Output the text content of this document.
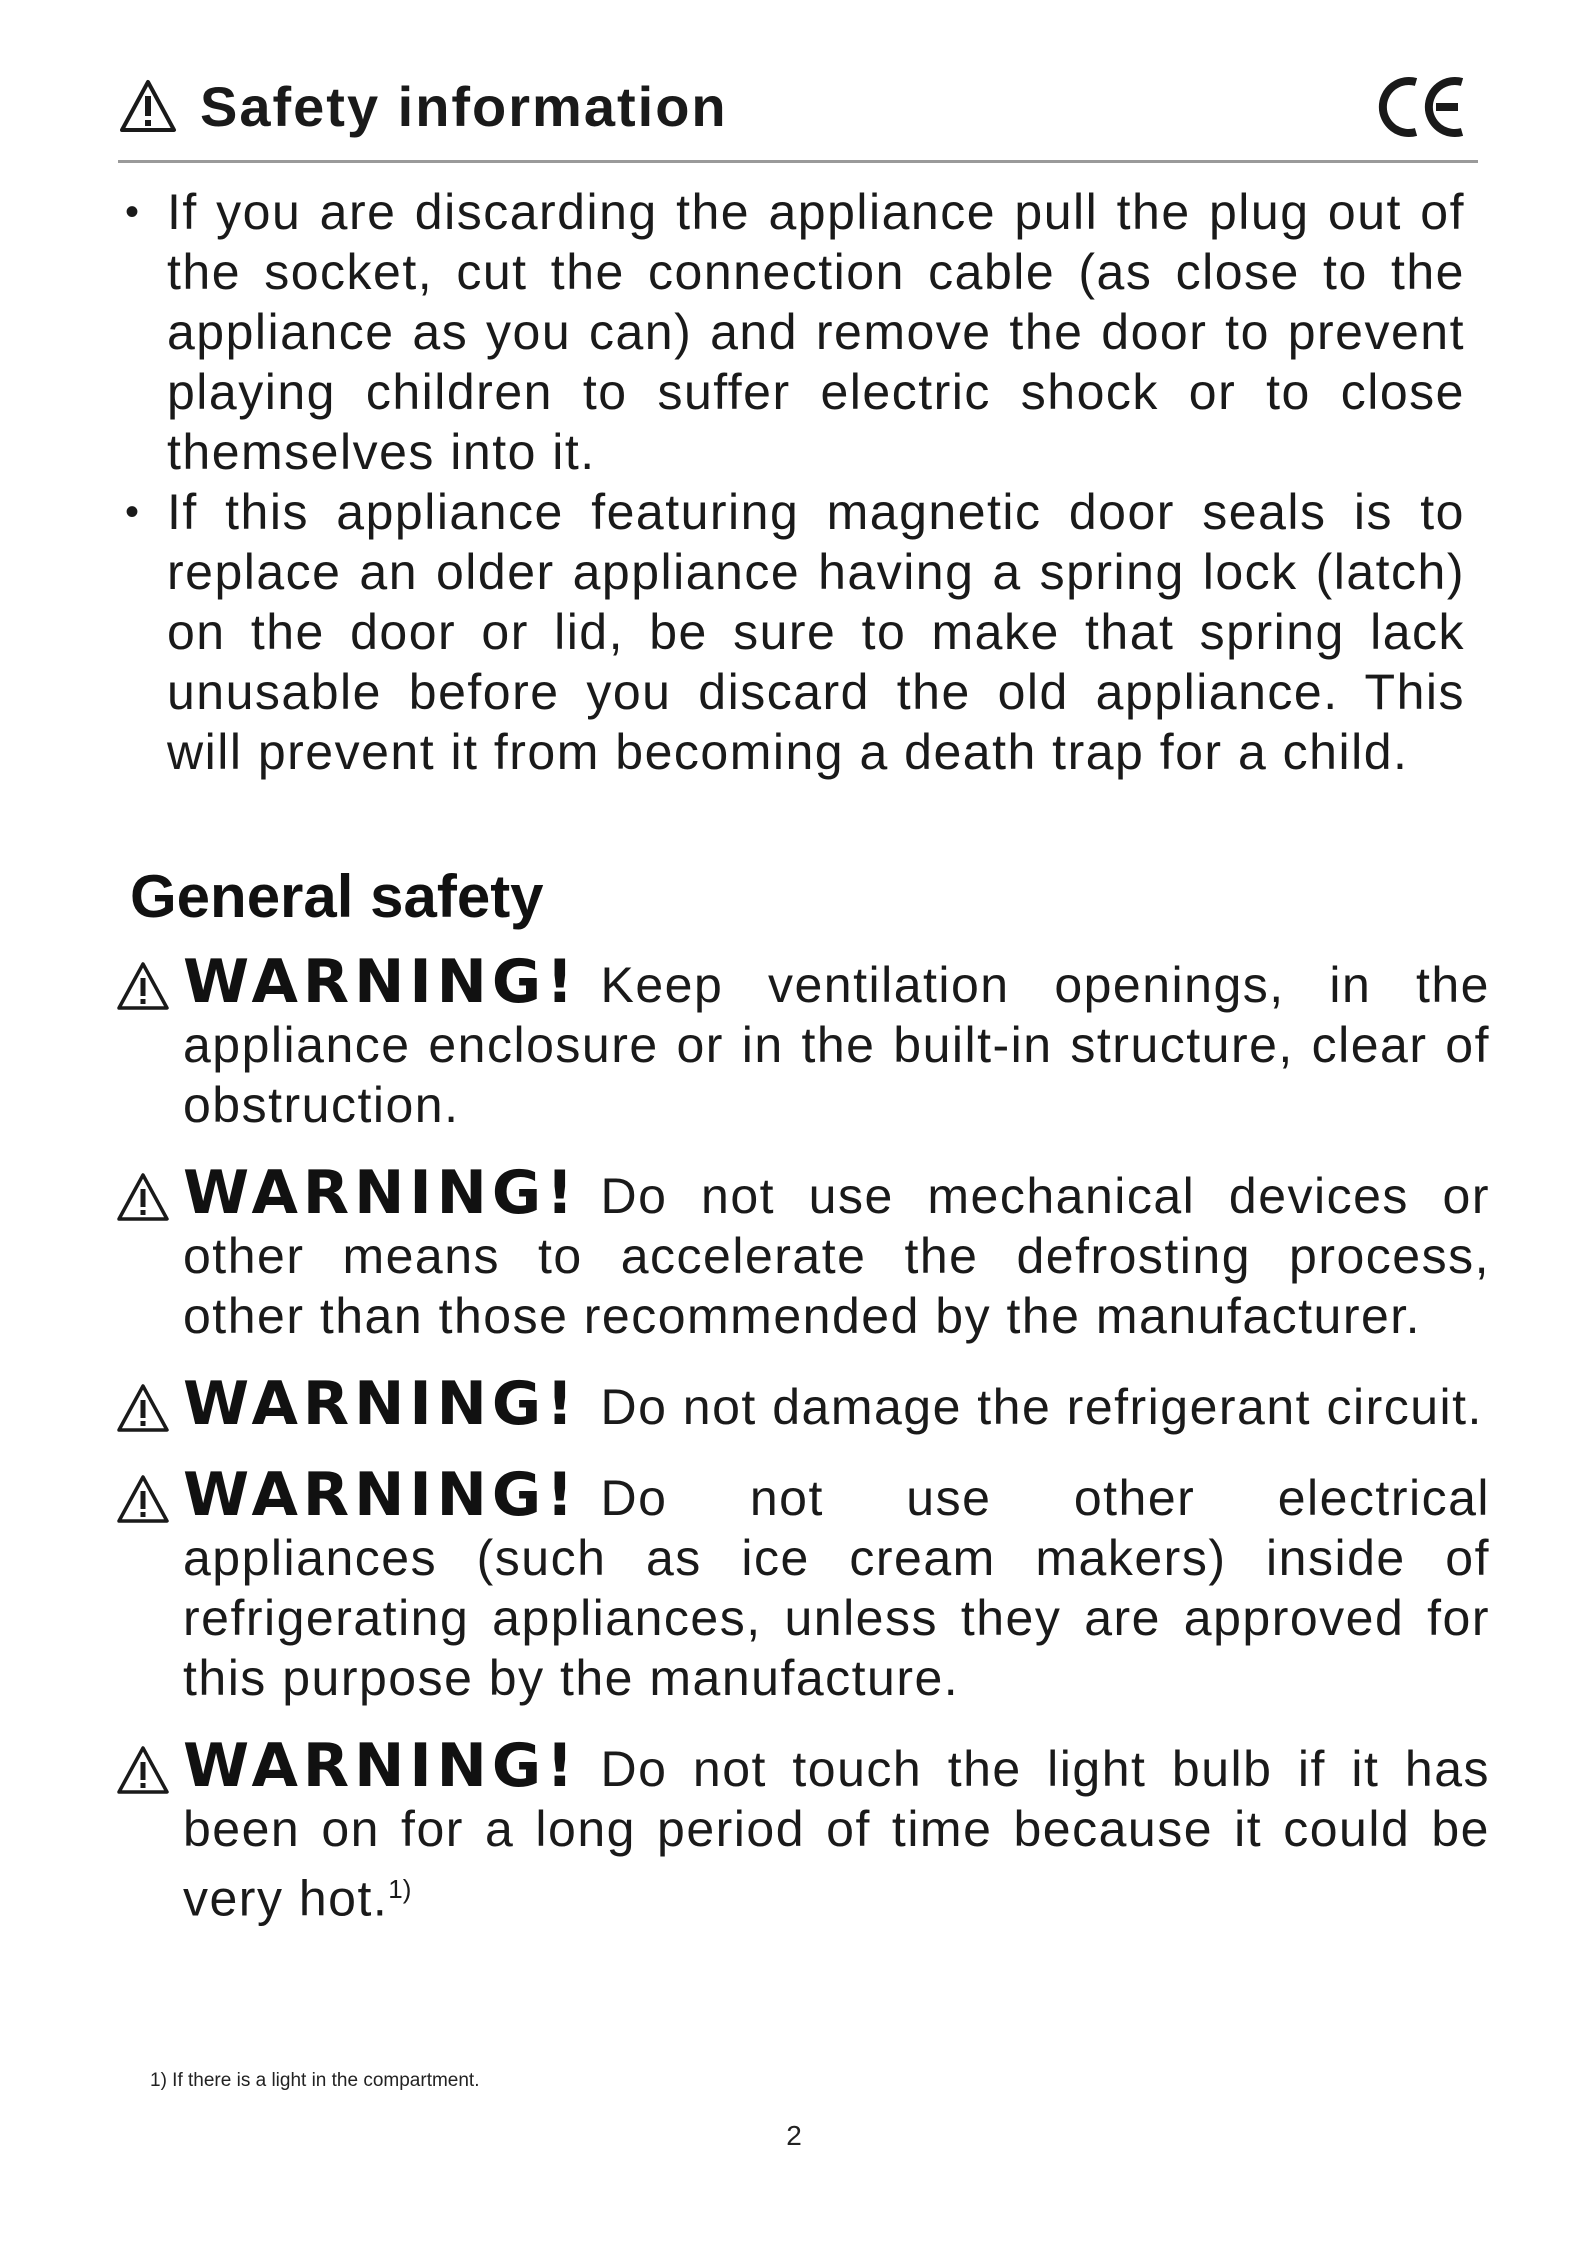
Safety information
• If you are discarding the appliance pull the plug out of the socket, cut the connection cable (as close to the appliance as you can) and remove the door to prevent playing children to suffer electric shock or to close themselves into it.
• If this appliance featuring magnetic door seals is to replace an older appliance having a spring lock (latch) on the door or lid, be sure to make that spring lack unusable before you discard the old appliance. This will prevent it from becoming a death trap for a child.
General safety
WARNING! Keep ventilation openings, in the appliance enclosure or in the built-in structure, clear of obstruction.
WARNING! Do not use mechanical devices or other means to accelerate the defrosting process, other than those recommended by the manufacturer.
WARNING! Do not damage the refrigerant circuit.
WARNING! Do not use other electrical appliances (such as ice cream makers) inside of refrigerating appliances, unless they are approved for this purpose by the manufacture.
WARNING! Do not touch the light bulb if it has been on for a long period of time because it could be very hot.$^{1)}$
1) If there is a light in the compartment.
2
